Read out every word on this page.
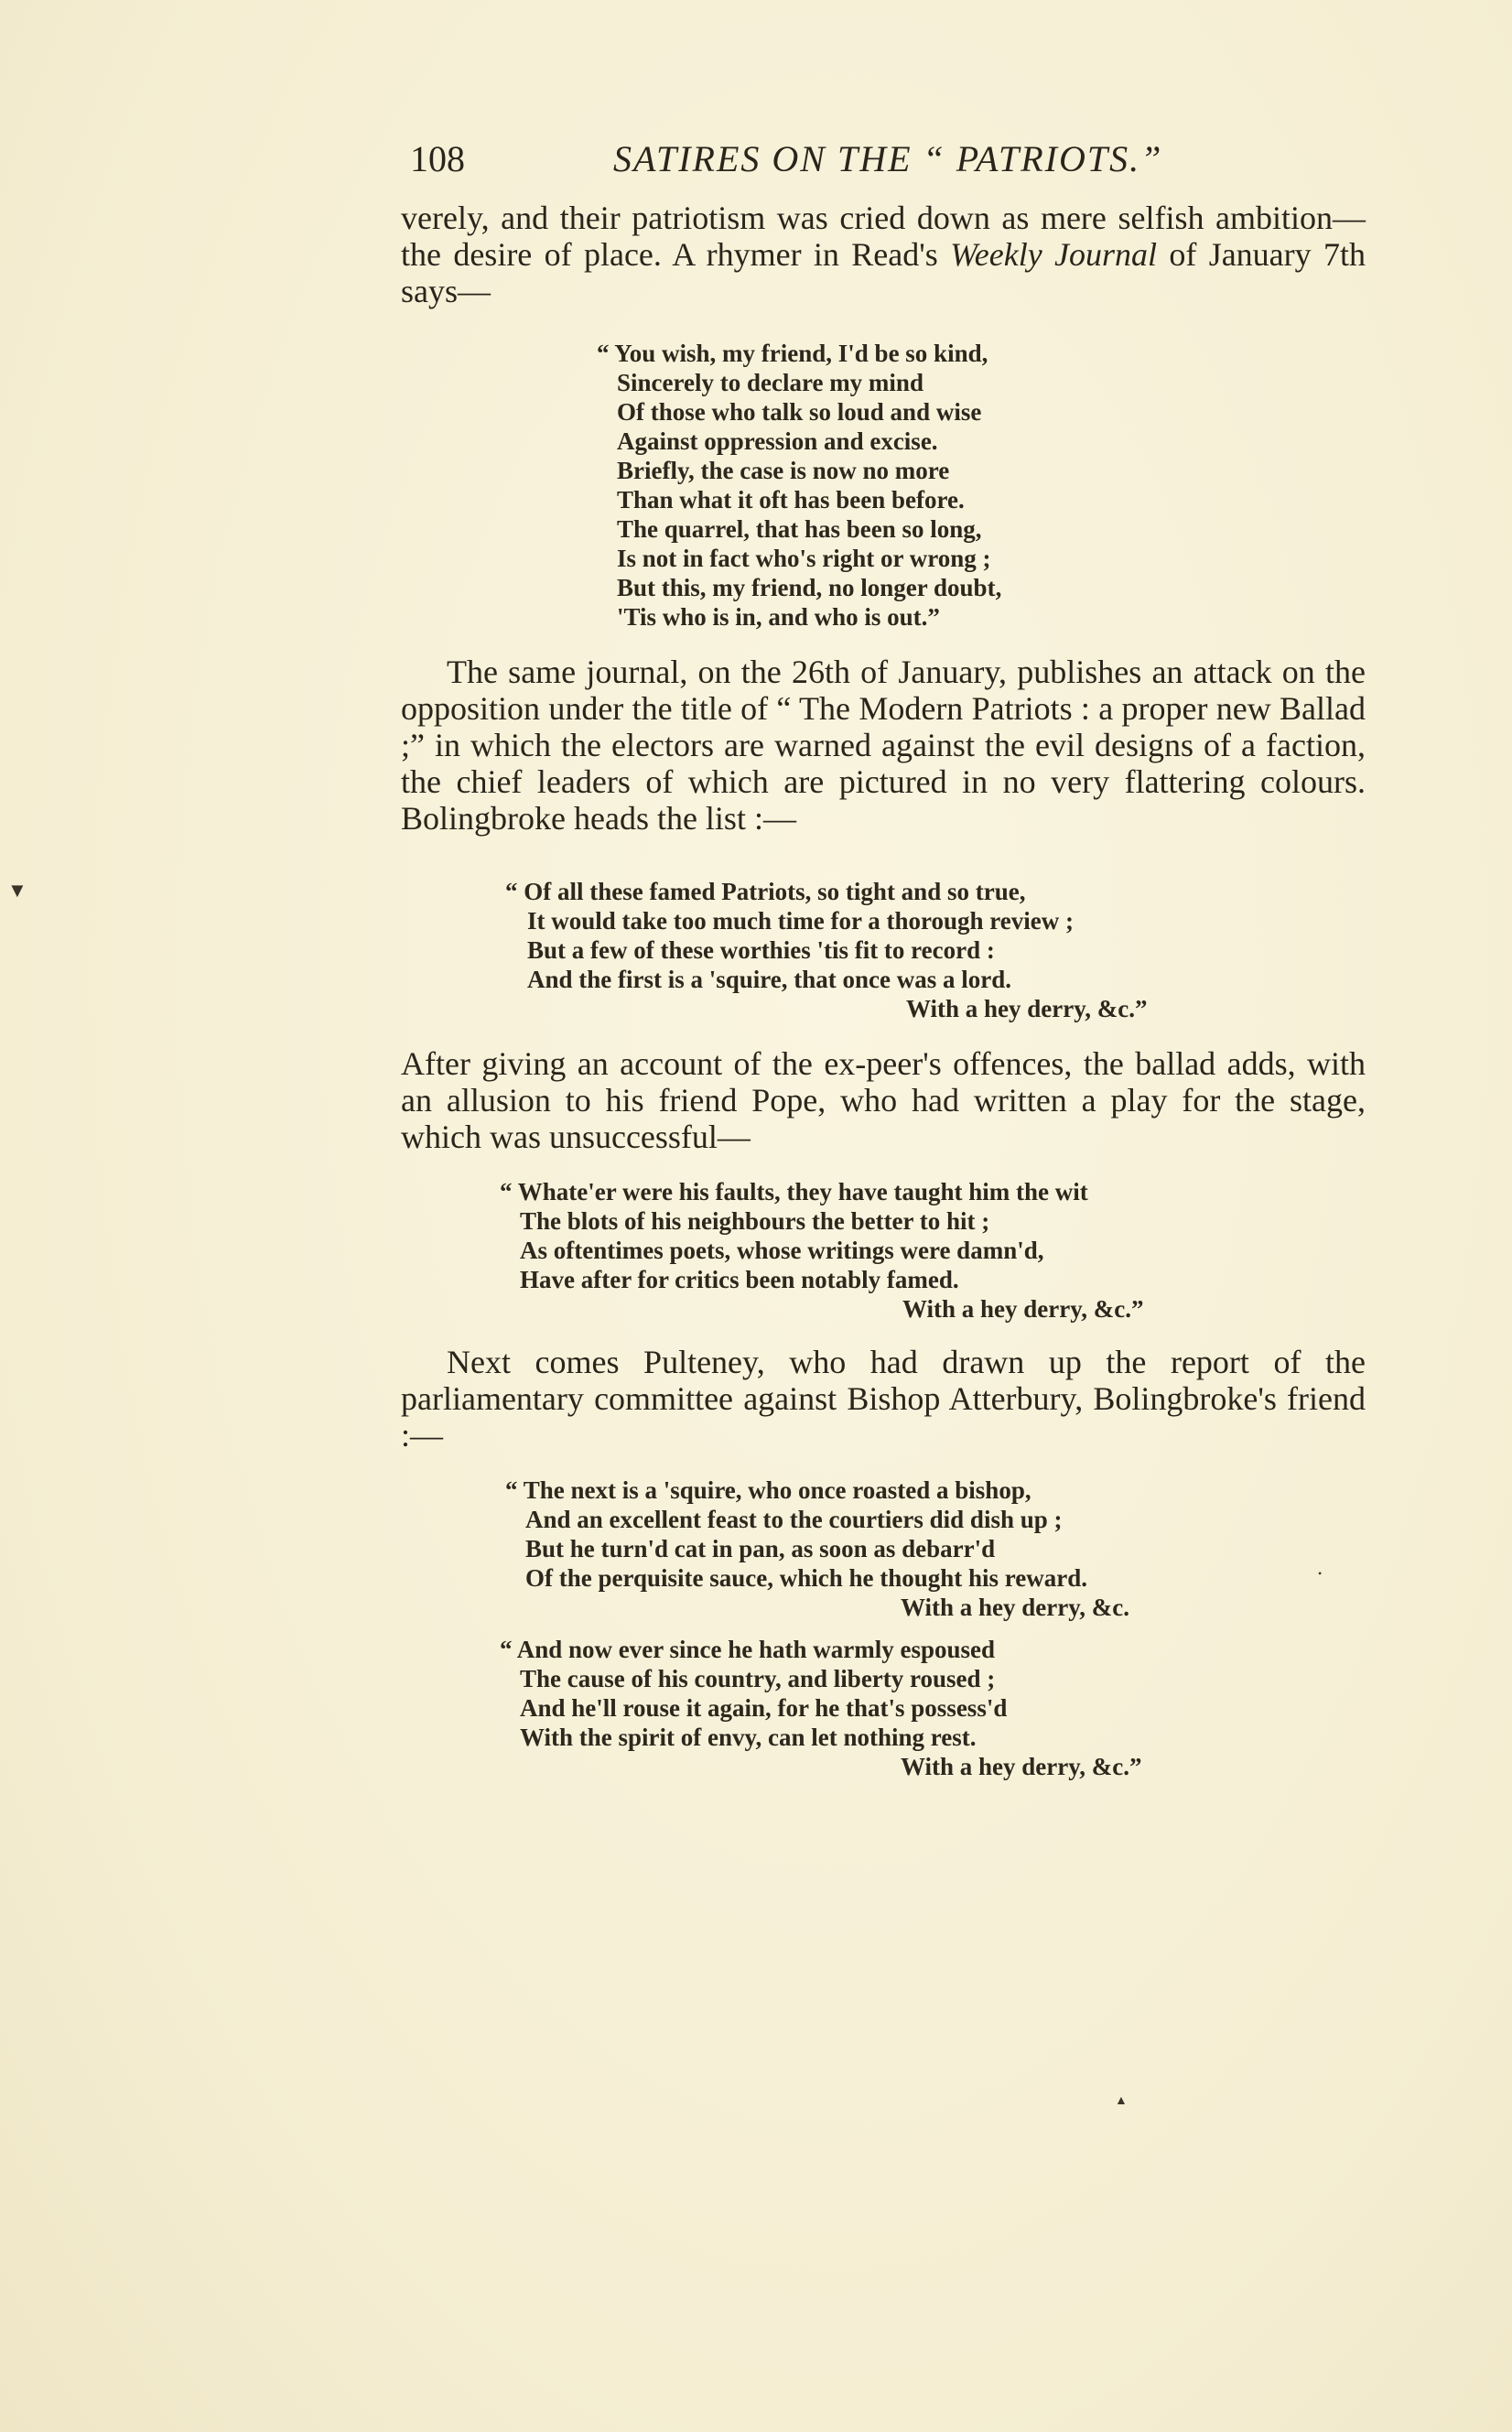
108	SATIRES ON THE “ PATRIOTS.”

verely, and their patriotism was cried down as mere selfish ambition—the desire of place. A rhymer in Read's Weekly Journal of January 7th says—

“ You wish, my friend, I'd be so kind,
Sincerely to declare my mind
Of those who talk so loud and wise
Against oppression and excise.
Briefly, the case is now no more
Than what it oft has been before.
The quarrel, that has been so long,
Is not in fact who's right or wrong ;
But this, my friend, no longer doubt,
'Tis who is in, and who is out.”

The same journal, on the 26th of January, publishes an attack on the opposition under the title of “ The Modern Patriots : a proper new Ballad ;” in which the electors are warned against the evil designs of a faction, the chief leaders of which are pictured in no very flattering colours. Bolingbroke heads the list :—

“ Of all these famed Patriots, so tight and so true,
It would take too much time for a thorough review ;
But a few of these worthies 'tis fit to record :
And the first is a 'squire, that once was a lord.
With a hey derry, &c.”

After giving an account of the ex-peer's offences, the ballad adds, with an allusion to his friend Pope, who had written a play for the stage, which was unsuccessful—

“ Whate'er were his faults, they have taught him the wit
The blots of his neighbours the better to hit ;
As oftentimes poets, whose writings were damn'd,
Have after for critics been notably famed.
With a hey derry, &c.”

Next comes Pulteney, who had drawn up the report of the parliamentary committee against Bishop Atterbury, Bolingbroke's friend :—

“ The next is a 'squire, who once roasted a bishop,
And an excellent feast to the courtiers did dish up ;
But he turn'd cat in pan, as soon as debarr'd
Of the perquisite sauce, which he thought his reward.
With a hey derry, &c.
“ And now ever since he hath warmly espoused
The cause of his country, and liberty roused ;
And he'll rouse it again, for he that's possess'd
With the spirit of envy, can let nothing rest.
With a hey derry, &c.”
▼
•
▲
